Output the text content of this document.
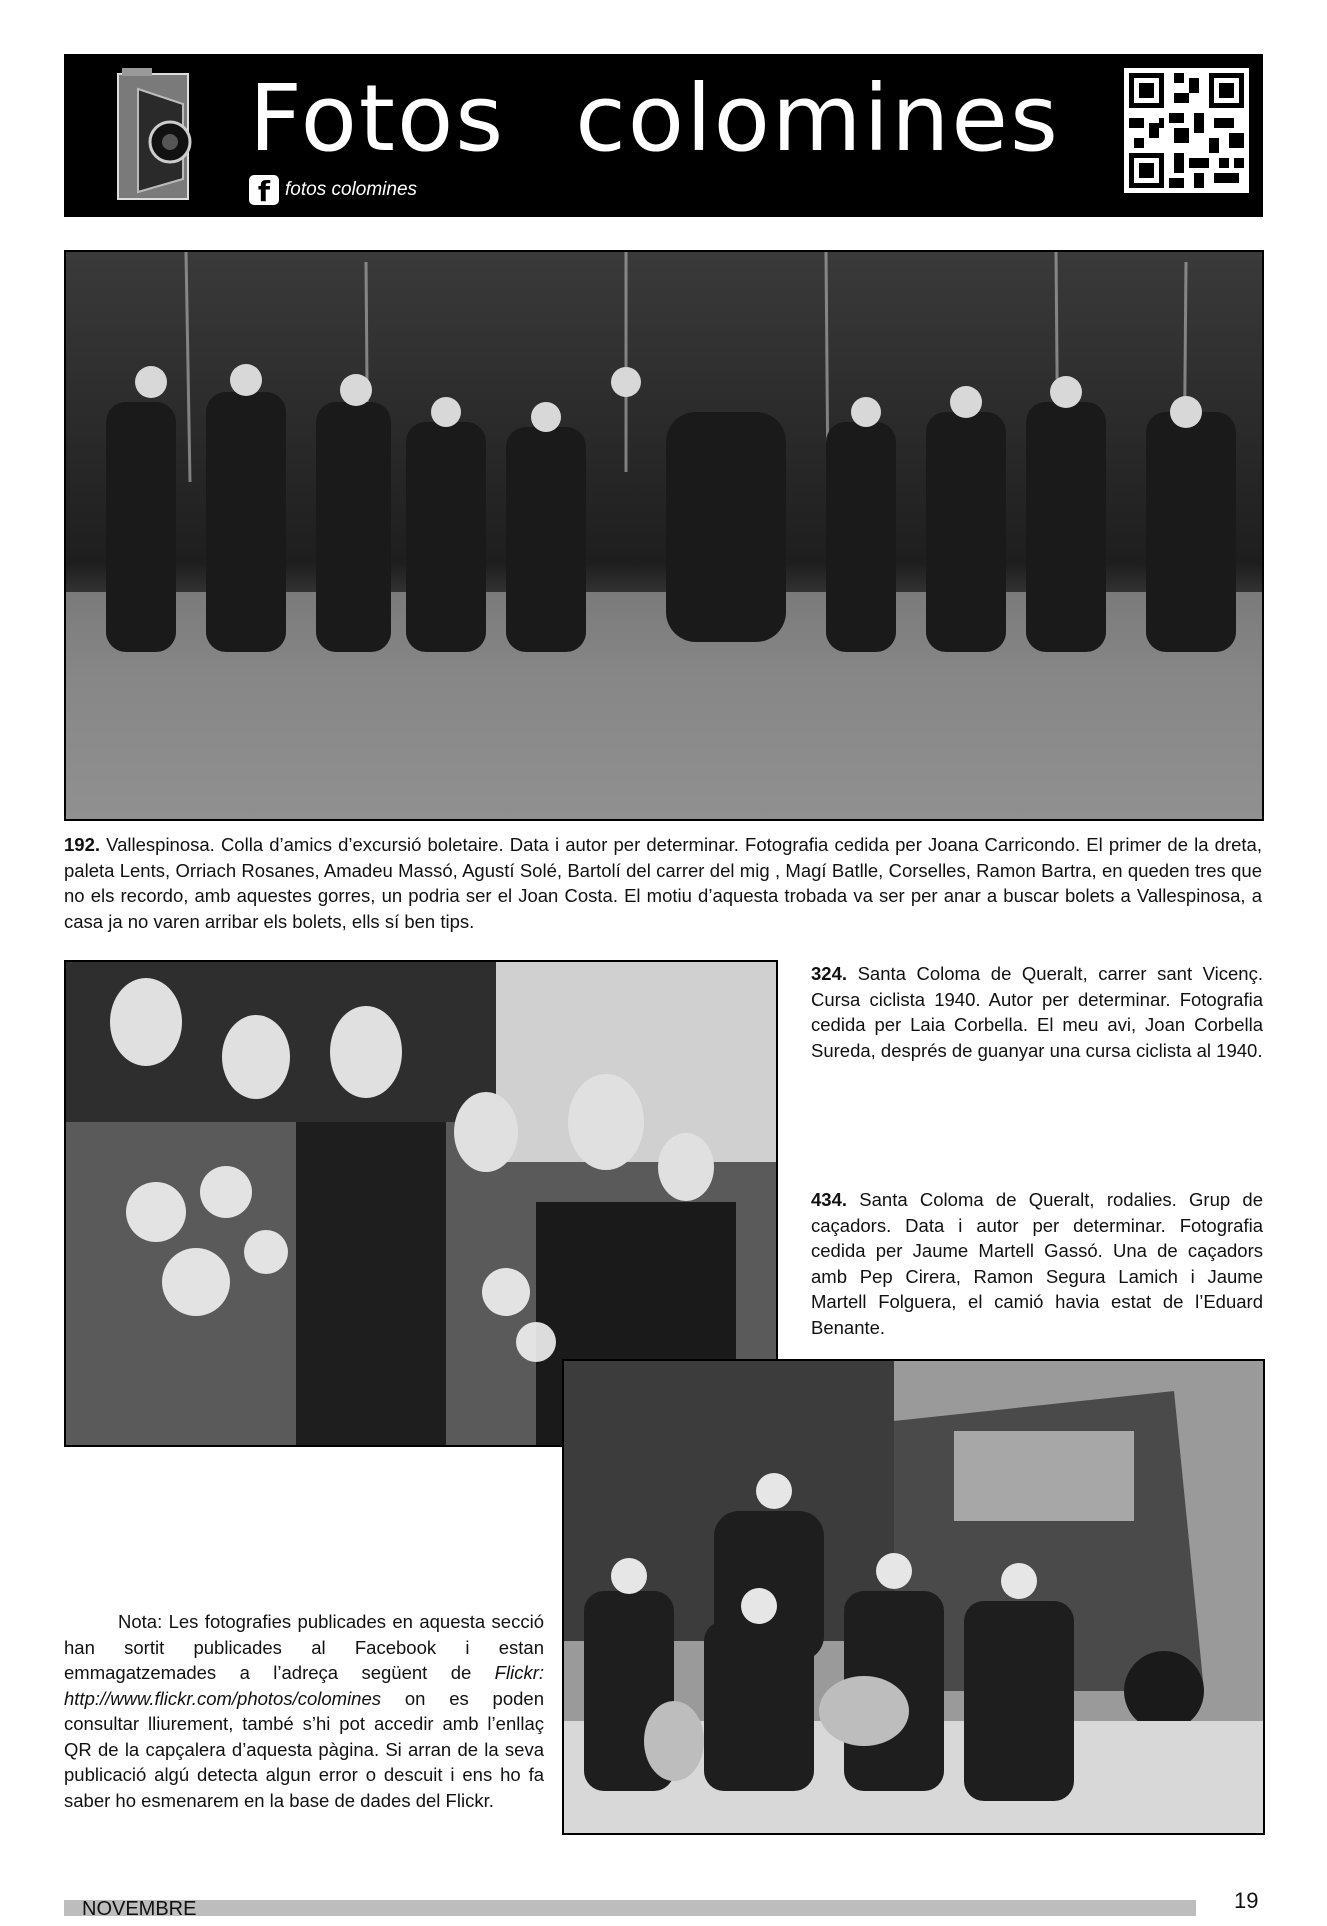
Fotos colomines
f fotos colomines
192. Vallespinosa. Colla d’amics d’excursió boletaire. Data i autor per determinar. Fotografia cedida per Joana Carricondo. El primer de la dreta, paleta Lents, Orriach Rosanes, Amadeu Massó, Agustí Solé, Bartolí del carrer del mig , Magí Batlle, Corselles, Ramon Bartra, en queden tres que no els recordo, amb aquestes gorres, un podria ser el Joan Costa. El motiu d’aquesta trobada va ser per anar a buscar bolets a Vallespinosa, a casa ja no varen arribar els bolets, ells sí ben tips.
324. Santa Coloma de Queralt, carrer sant Vicenç. Cursa ciclista 1940. Autor per determinar. Fotografia cedida per Laia Corbella. El meu avi, Joan Corbella Sureda, després de guanyar una cursa ciclista al 1940.
434. Santa Coloma de Queralt, rodalies. Grup de caçadors. Data i autor per determinar. Fotografia cedida per Jaume Martell Gassó. Una de caçadors amb Pep Cirera, Ramon Segura Lamich i Jaume Martell Folguera, el camió havia estat de l’Eduard Benante.
Nota: Les fotografies publicades en aquesta secció han sortit publicades al Facebook i estan emmagatzemades a l’adreça següent de Flickr: http://www.flickr.com/photos/colomines on es poden consultar lliurement, també s’hi pot accedir amb l’enllaç QR de la capçalera d’aquesta pàgina. Si arran de la seva publicació algú detecta algun error o descuit i ens ho fa saber ho esmenarem en la base de dades del Flickr.
NOVEMBRE	19
